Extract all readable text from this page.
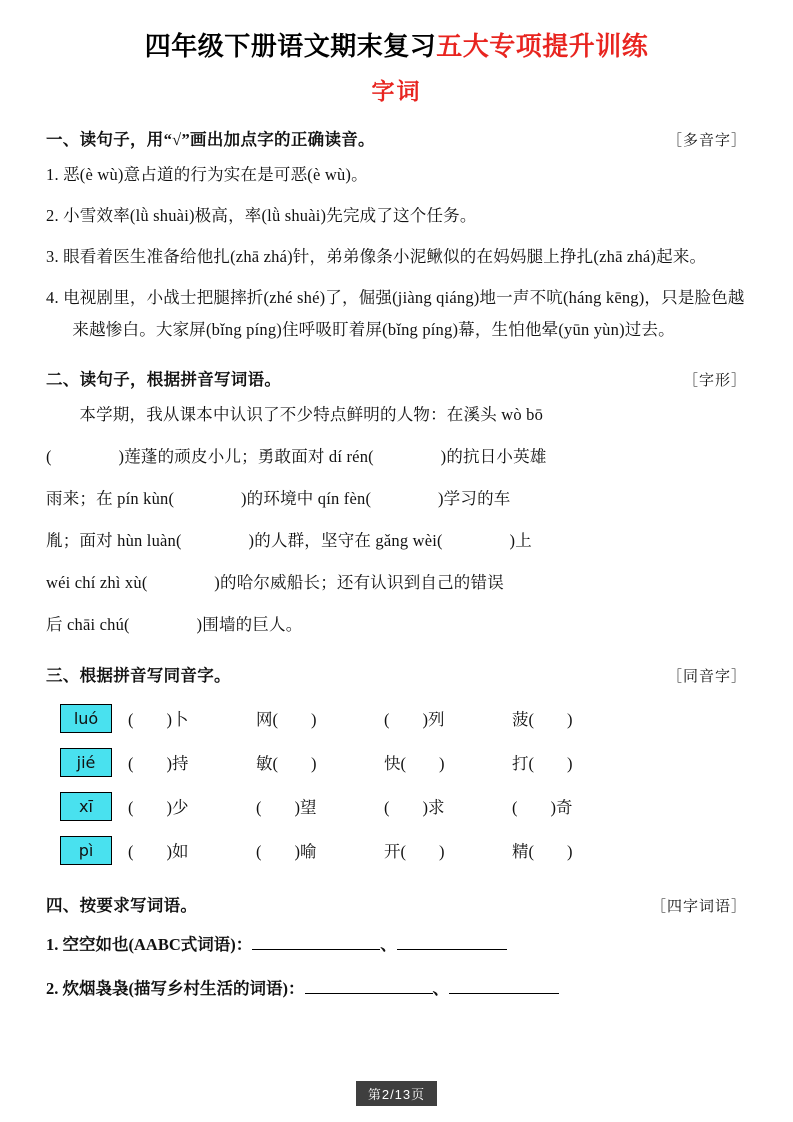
四年级下册语文期末复习五大专项提升训练
字词
一、读句子，用“√”画出加点字的正确读音。	［多音字］
1. 恶(è wù)意占道的行为实在是可恶(è wù)。
2. 小雪效率(lǜ shuài)极高，率(lǜ shuài)先完成了这个任务。
3. 眼看着医生准备给他扎(zhā zhá)针，弟弟像条小泥鳅似的在妈妈腿上挣扎(zhā zhá)起来。
4. 电视剧里，小战士把腿摔折(zhé shé)了，倔强(jiàng qiáng)地一声不吭(háng kēng)，只是脸色越来越惨白。大家屏(bǐng píng)住呼吸盯着屏(bǐng píng)幕，生怕他晕(yūn yùn)过去。
二、读句子，根据拼音写词语。	［字形］
　　本学期，我从课本中认识了不少特点鲜明的人物：在溪头 wò bō
(　　　　)莲蓬的顽皮小儿；勇敢面对 dí rén(　　　　)的抗日小英雄
雨来；在 pín kùn(　　　　)的环境中 qín fèn(　　　　)学习的车
胤；面对 hùn luàn(　　　　)的人群，坚守在 gǎng wèi(　　　　)上
wéi chí zhì xù(　　　　)的哈尔威船长；还有认识到自己的错误
后 chāi chú(　　　　)围墙的巨人。
三、根据拼音写同音字。	［同音字］
luó	(　　)卜	网(　　)	(　　)列	菠(　　)
jié	(　　)持	敏(　　)	快(　　)	打(　　)
xī	(　　)少	(　　)望	(　　)求	(　　)奇
pì	(　　)如	(　　)喻	开(　　)	精(　　)
四、按要求写词语。	［四字词语］
1. 空空如也(AABC式词语)：	、
2. 炊烟袅袅(描写乡村生活的词语)：	、
第2/13页
